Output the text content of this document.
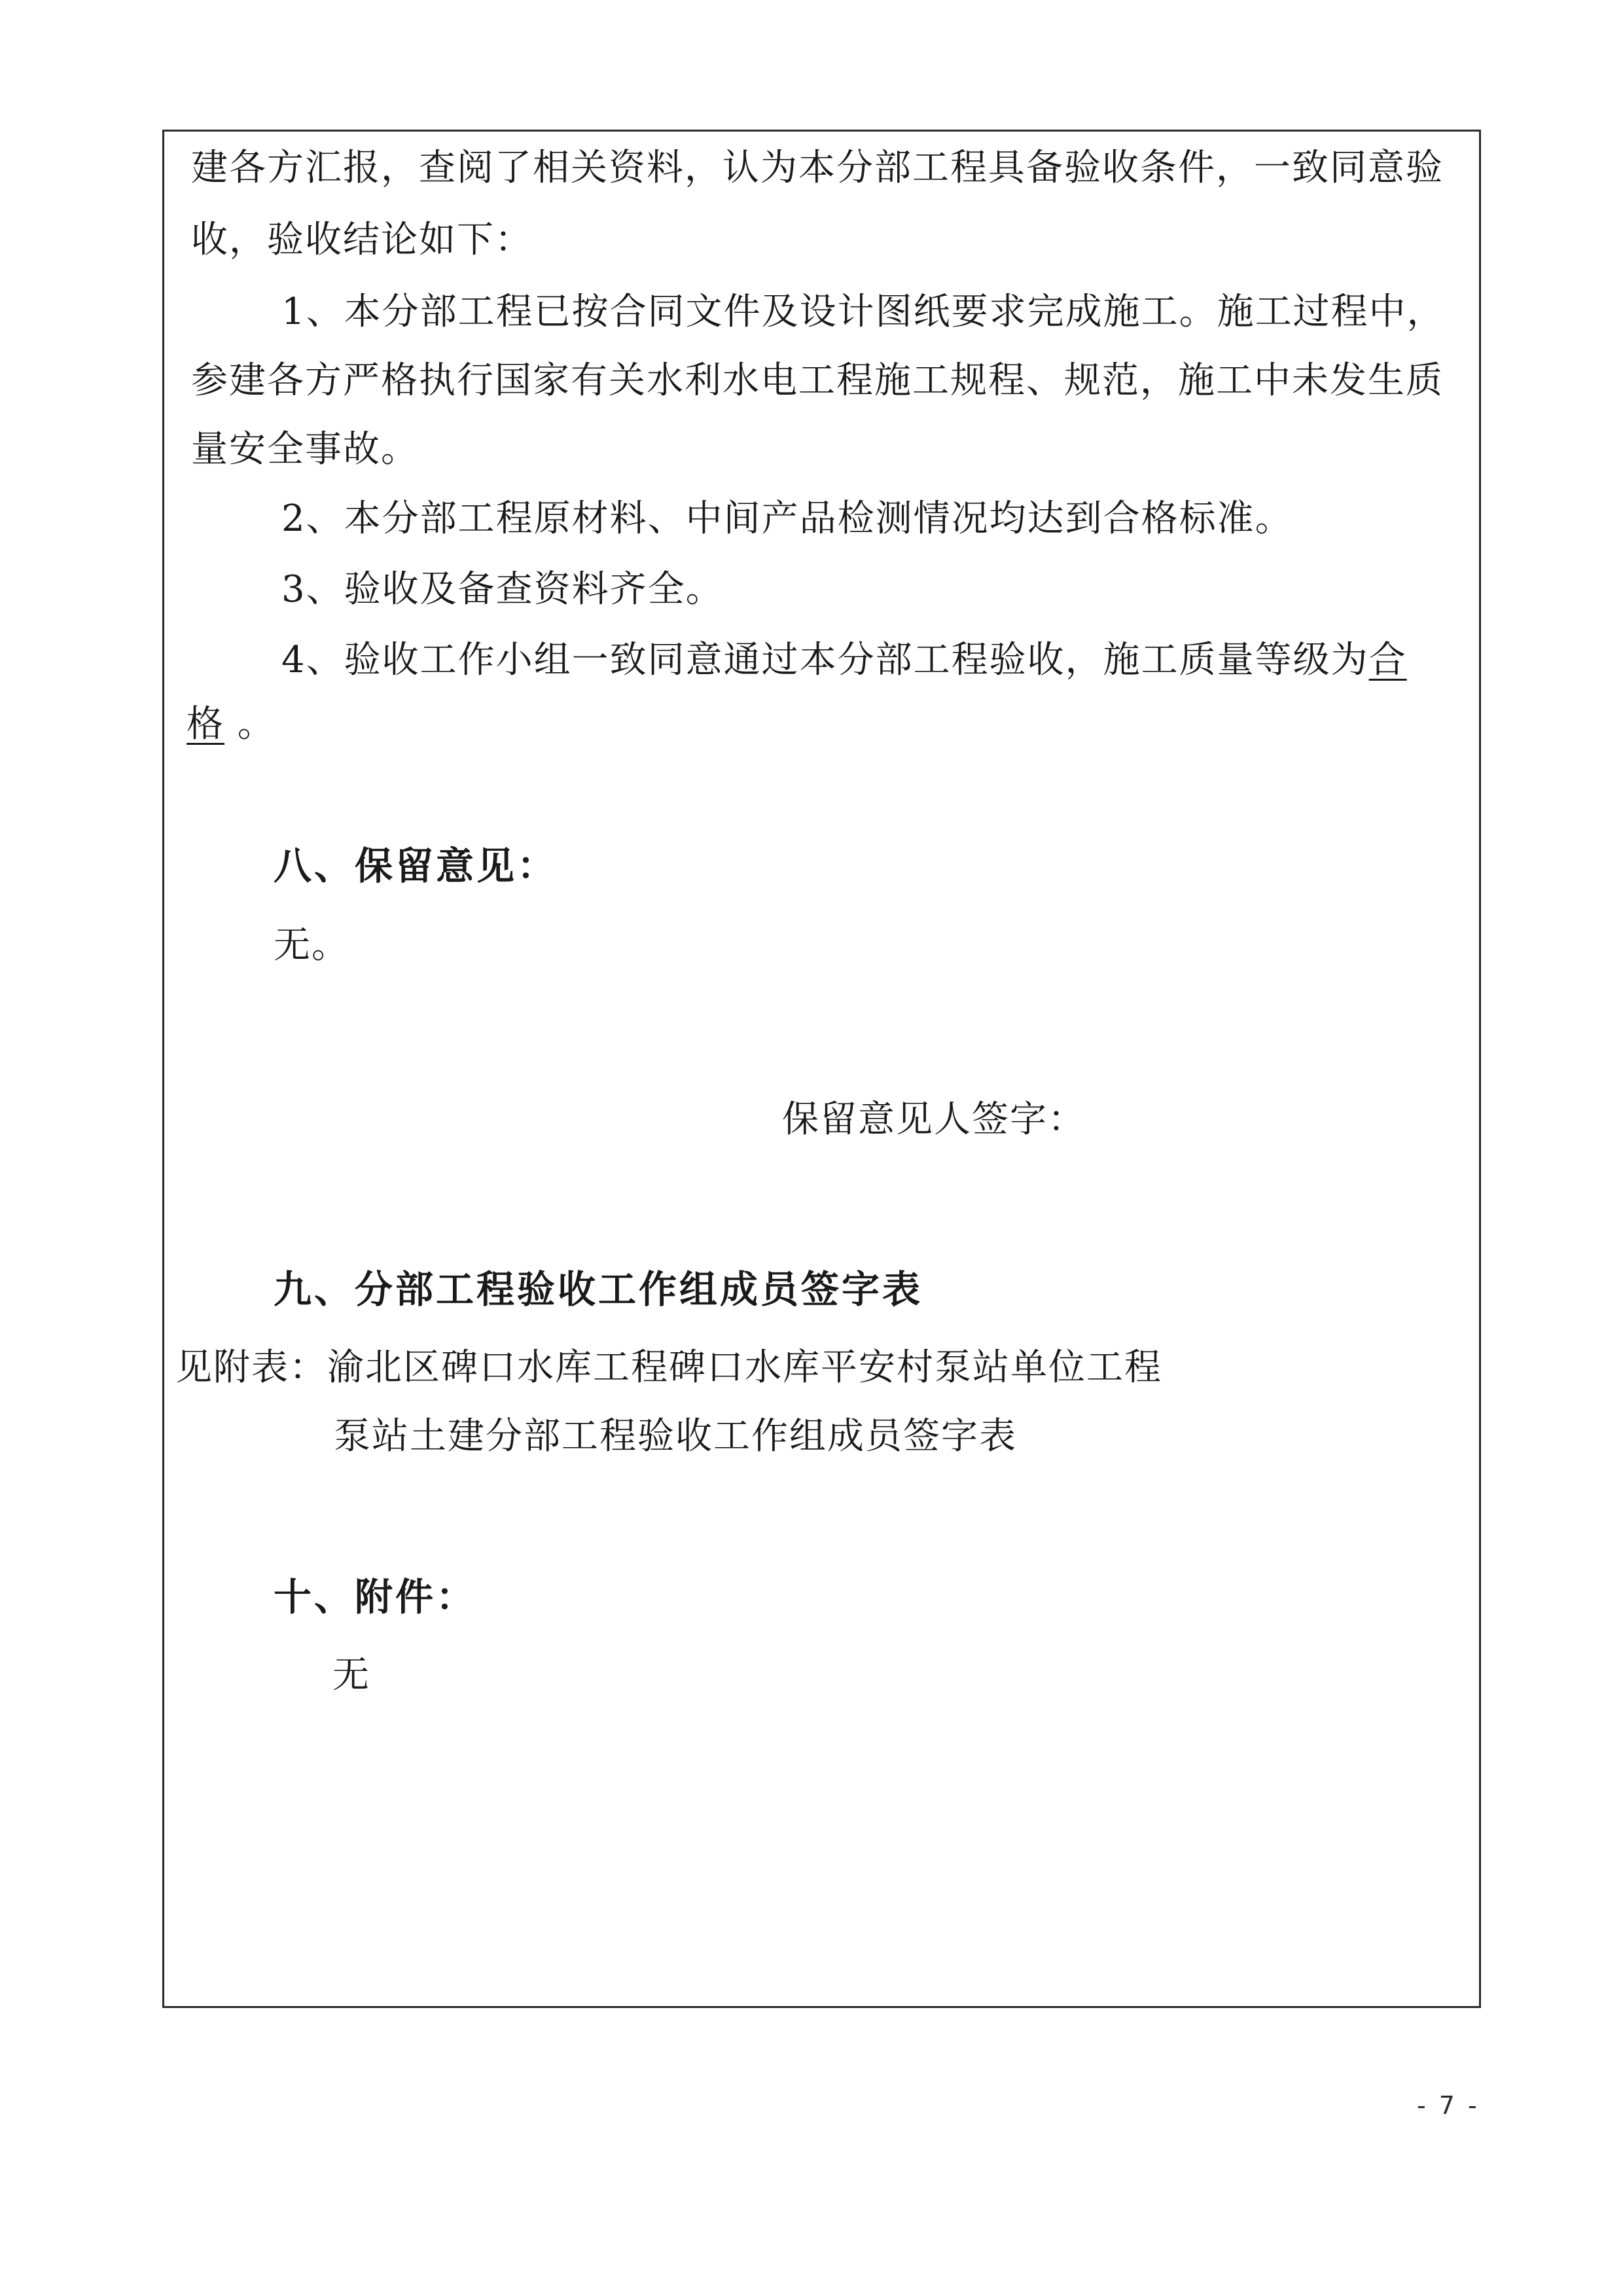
建各方汇报，查阅了相关资料，认为本分部工程具备验收条件，一致同意验
收，验收结论如下：
1、本分部工程已按合同文件及设计图纸要求完成施工。施工过程中，
参建各方严格执行国家有关水利水电工程施工规程、规范，施工中未发生质
量安全事故。
2、本分部工程原材料、中间产品检测情况均达到合格标准。
3、验收及备查资料齐全。
4、验收工作小组一致同意通过本分部工程验收，施工质量等级为合
格 。
八、保留意见：
无。
保留意见人签字：
九、分部工程验收工作组成员签字表
见附表：渝北区碑口水库工程碑口水库平安村泵站单位工程
泵站土建分部工程验收工作组成员签字表
十、附件：
无
- 7 -
